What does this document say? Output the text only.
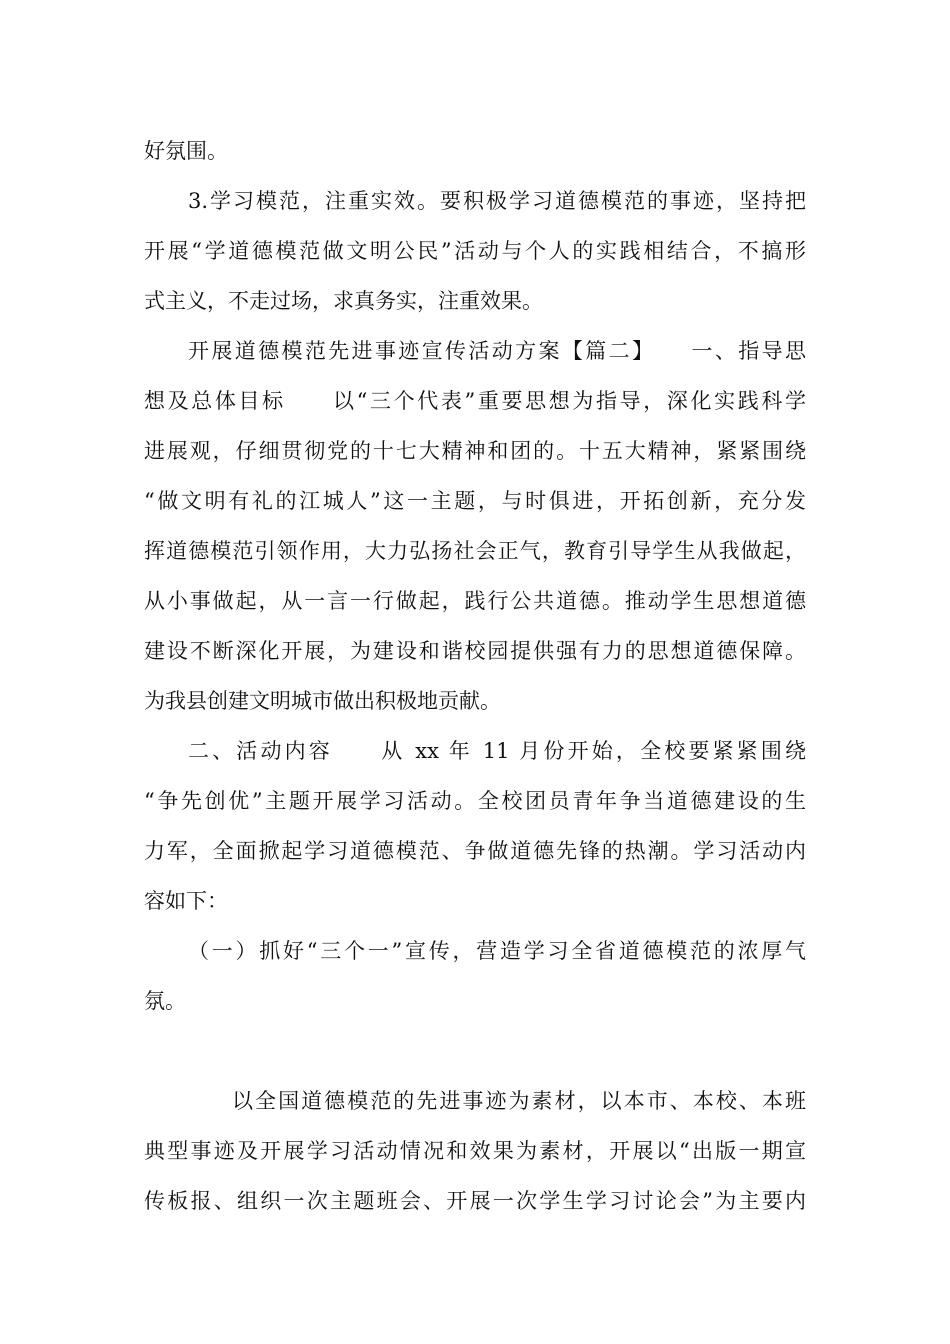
好氛围。
3.学习模范，注重实效。要积极学习道德模范的事迹，坚持把
开展“学道德模范做文明公民”活动与个人的实践相结合，不搞形
式主义，不走过场，求真务实，注重效果。
开展道德模范先进事迹宣传活动方案【篇二】　　一、指导思
想及总体目标　　以“三个代表”重要思想为指导，深化实践科学
进展观，仔细贯彻党的十七大精神和团的。十五大精神，紧紧围绕
“做文明有礼的江城人”这一主题，与时俱进，开拓创新，充分发
挥道德模范引领作用，大力弘扬社会正气，教育引导学生从我做起，
从小事做起，从一言一行做起，践行公共道德。推动学生思想道德
建设不断深化开展，为建设和谐校园提供强有力的思想道德保障。
为我县创建文明城市做出积极地贡献。
二、活动内容　　从 xx 年 11 月份开始，全校要紧紧围绕
“争先创优”主题开展学习活动。全校团员青年争当道德建设的生
力军，全面掀起学习道德模范、争做道德先锋的热潮。学习活动内
容如下：
（一）抓好“三个一”宣传，营造学习全省道德模范的浓厚气
氛。
以全国道德模范的先进事迹为素材，以本市、本校、本班
典型事迹及开展学习活动情况和效果为素材，开展以“出版一期宣
传板报、组织一次主题班会、开展一次学生学习讨论会”为主要内
